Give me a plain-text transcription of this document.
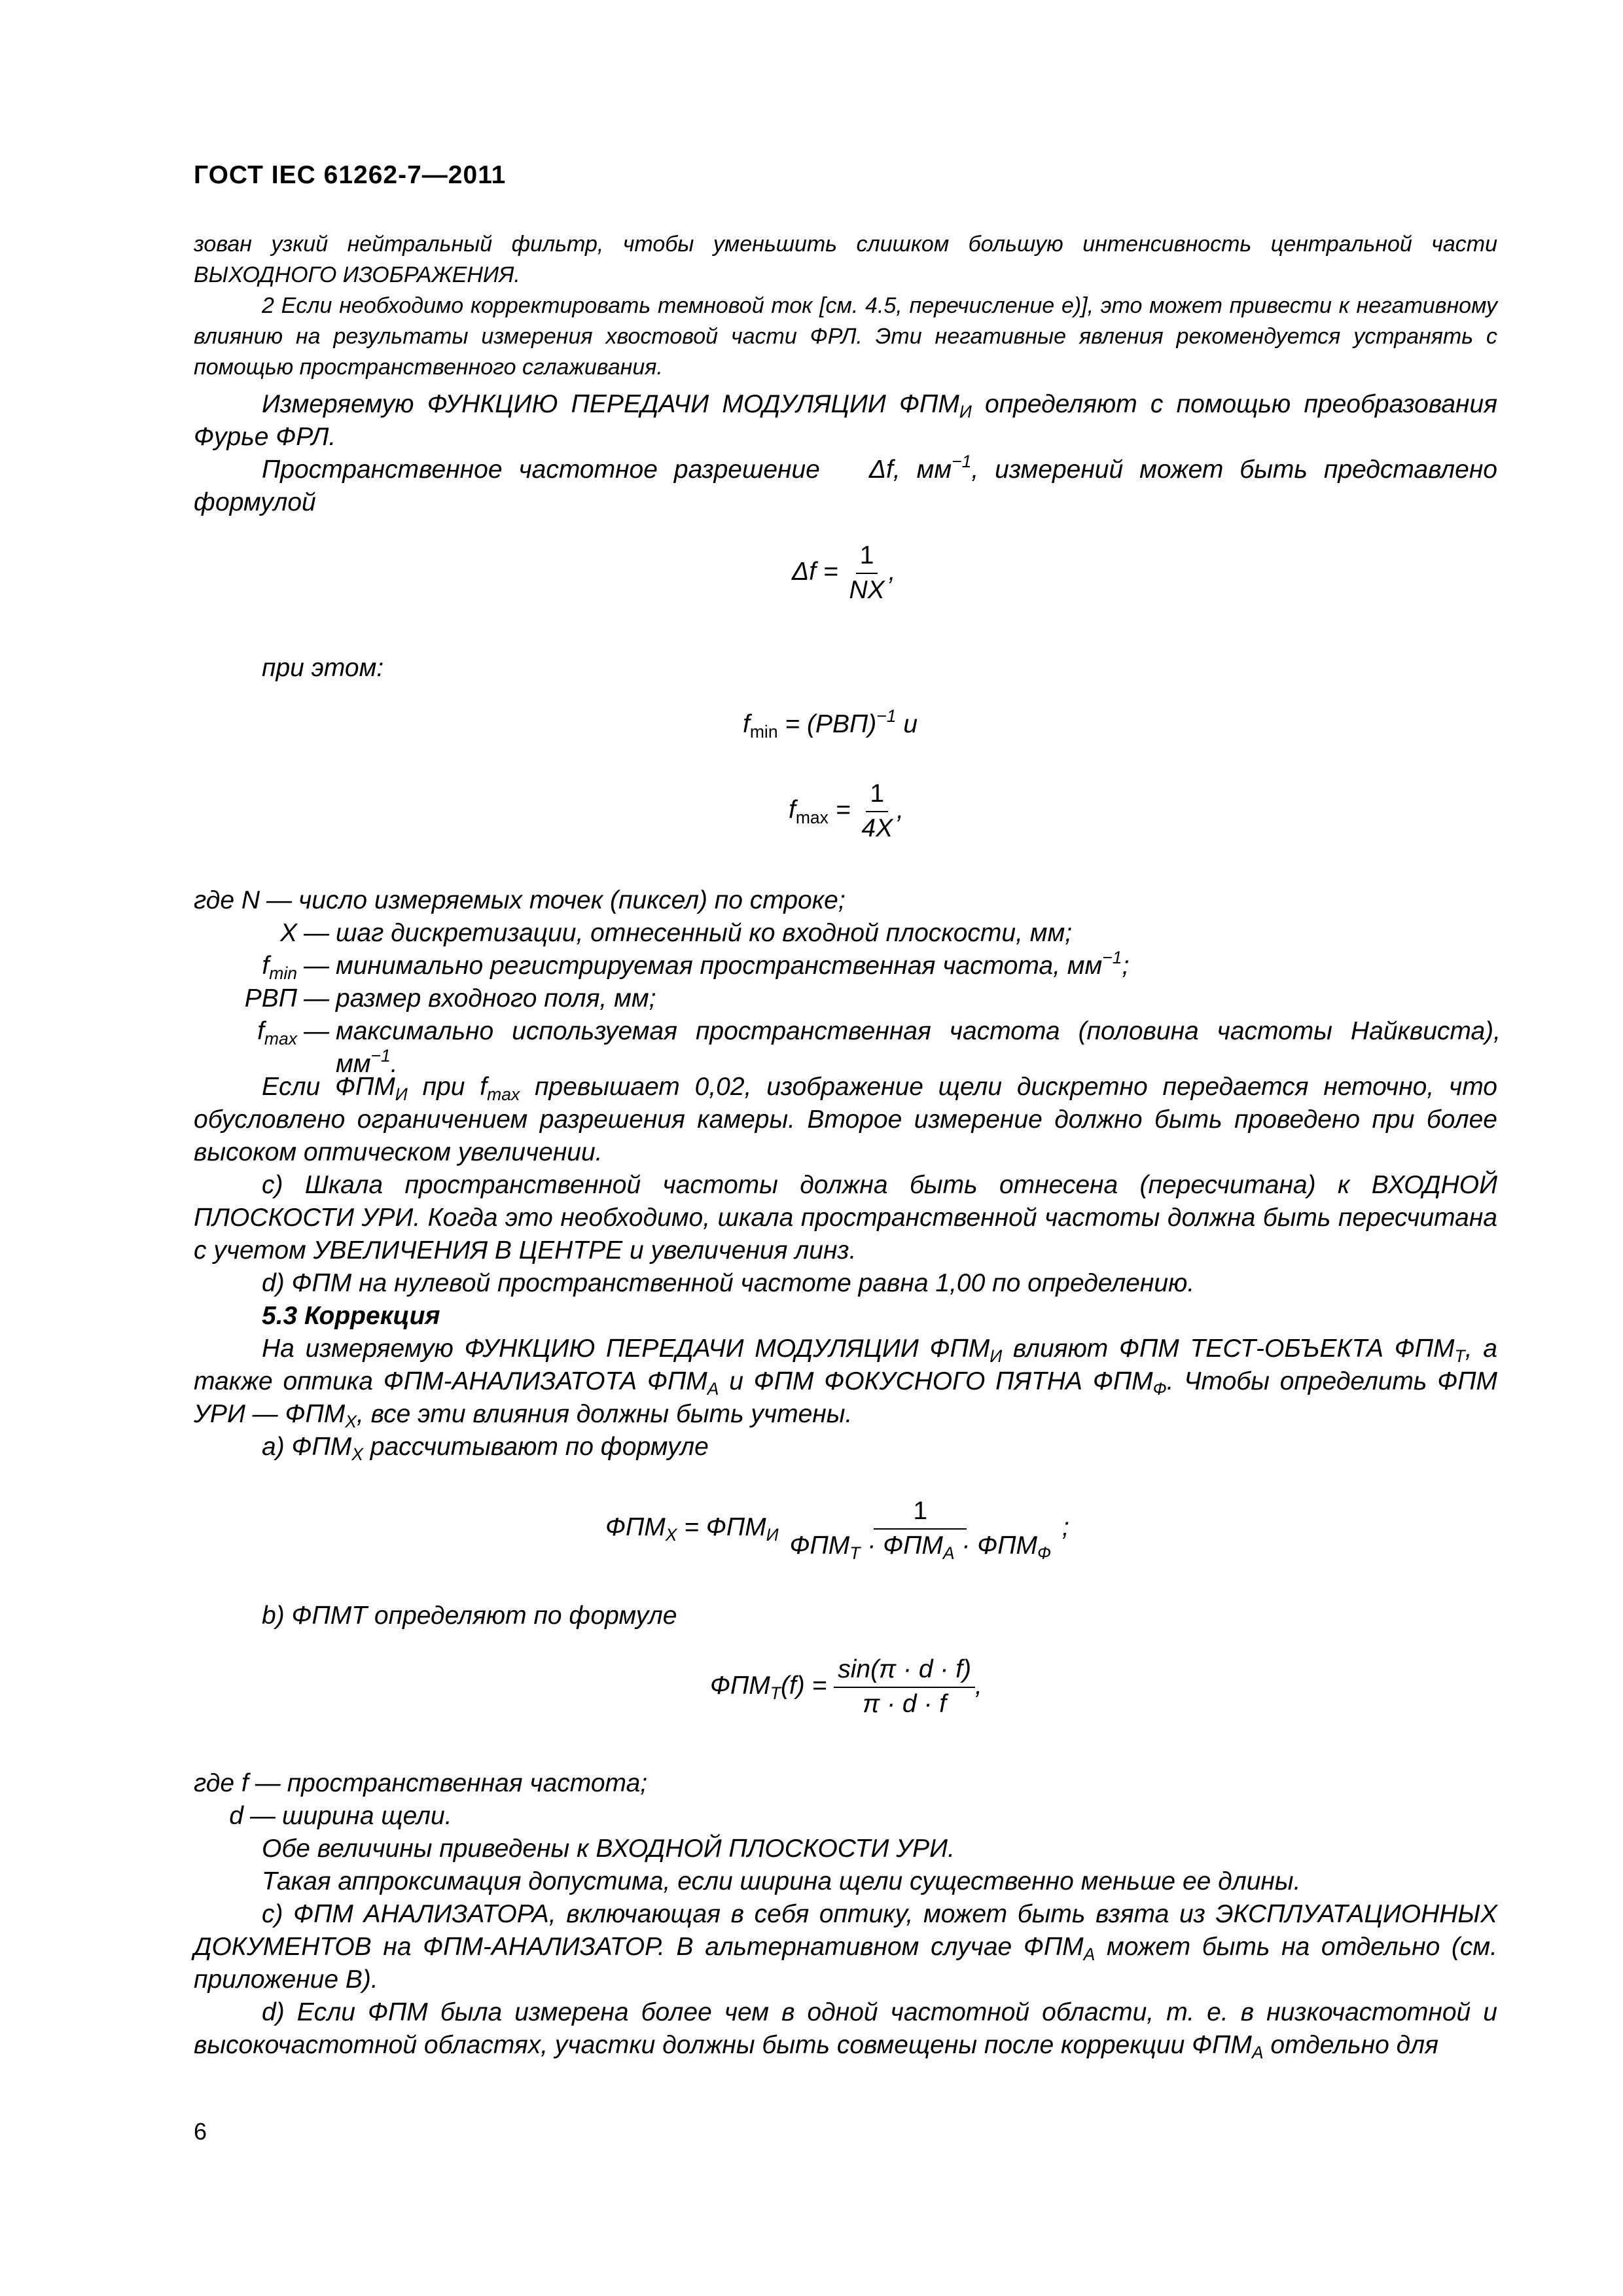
ГОСТ IEC 61262-7—2011

зован узкий нейтральный фильтр, чтобы уменьшить слишком большую интенсивность центральной части ВЫХОДНОГО ИЗОБРАЖЕНИЯ.

2 Если необходимо корректировать темновой ток [см. 4.5, перечисление е)], это может привести к негативному влиянию на результаты измерения хвостовой части ФРЛ. Эти негативные явления рекомендуется устранять с помощью пространственного сглаживания.

Измеряемую ФУНКЦИЮ ПЕРЕДАЧИ МОДУЛЯЦИИ $ФПМ_И$ определяют с помощью преобразования Фурье ФРЛ.

Пространственное частотное разрешение   Δf, $мм^{-1}$, измерений может быть представлено формулой

$\Delta f = \frac{1}{NX}$ ,
при этом:
$f_{min} = (РВП)^{-1}$ и
$f_{max} = \frac{1}{4X}$ ,
где N — число измеряемых точек (пиксел) по строке;
X — шаг дискретизации, отнесенный ко входной плоскости, мм;
$f_{min}$ — минимально регистрируемая пространственная частота, $мм^{-1}$;
РВП — размер входного поля, мм;
$f_{max}$ — максимально используемая пространственная частота (половина частоты Найквиста), $мм^{-1}$.

Если $ФПМ_И$ при $f_{max}$ превышает 0,02, изображение щели дискретно передается неточно, что обусловлено ограничением разрешения камеры. Второе измерение должно быть проведено при более высоком оптическом увеличении.

с) Шкала пространственной частоты должна быть отнесена (пересчитана) к ВХОДНОЙ ПЛОСКОСТИ УРИ. Когда это необходимо, шкала пространственной частоты должна быть пересчитана с учетом УВЕЛИЧЕНИЯ В ЦЕНТРЕ и увеличения линз.

d) ФПМ на нулевой пространственной частоте равна 1,00 по определению.

5.3 Коррекция

На измеряемую ФУНКЦИЮ ПЕРЕДАЧИ МОДУЛЯЦИИ $ФПМ_И$ влияют ФПМ ТЕСТ-ОБЪЕКТА $ФПМ_Т$, а также оптика ФПМ-АНАЛИЗАТОТА $ФПМ_А$ и ФПМ ФОКУСНОГО ПЯТНА $ФПМ_Ф$. Чтобы определить ФПМ УРИ — $ФПМ_X$, все эти влияния должны быть учтены.

а) $ФПМ_X$ рассчитывают по формуле

$ФПМ_X = ФПМ_И \frac{1}{ФПМ_Т \cdot ФПМ_А \cdot ФПМ_Ф}$ ;

b) ФПМТ определяют по формуле

$ФПМ_Т(f) = \frac{\sin(\pi \cdot d \cdot f)}{\pi \cdot d \cdot f}$ ,
где f — пространственная частота;
d — ширина щели.

Обе величины приведены к ВХОДНОЙ ПЛОСКОСТИ УРИ.

Такая аппроксимация допустима, если ширина щели существенно меньше ее длины.

с) ФПМ АНАЛИЗАТОРА, включающая в себя оптику, может быть взята из ЭКСПЛУАТАЦИОННЫХ ДОКУМЕНТОВ на ФПМ-АНАЛИЗАТОР. В альтернативном случае $ФПМ_А$ может быть на отдельно (см. приложение В).

d) Если ФПМ была измерена более чем в одной частотной области, т. е. в низкочастотной и высокочастотной областях, участки должны быть совмещены после коррекции $ФПМ_А$ отдельно для

6
